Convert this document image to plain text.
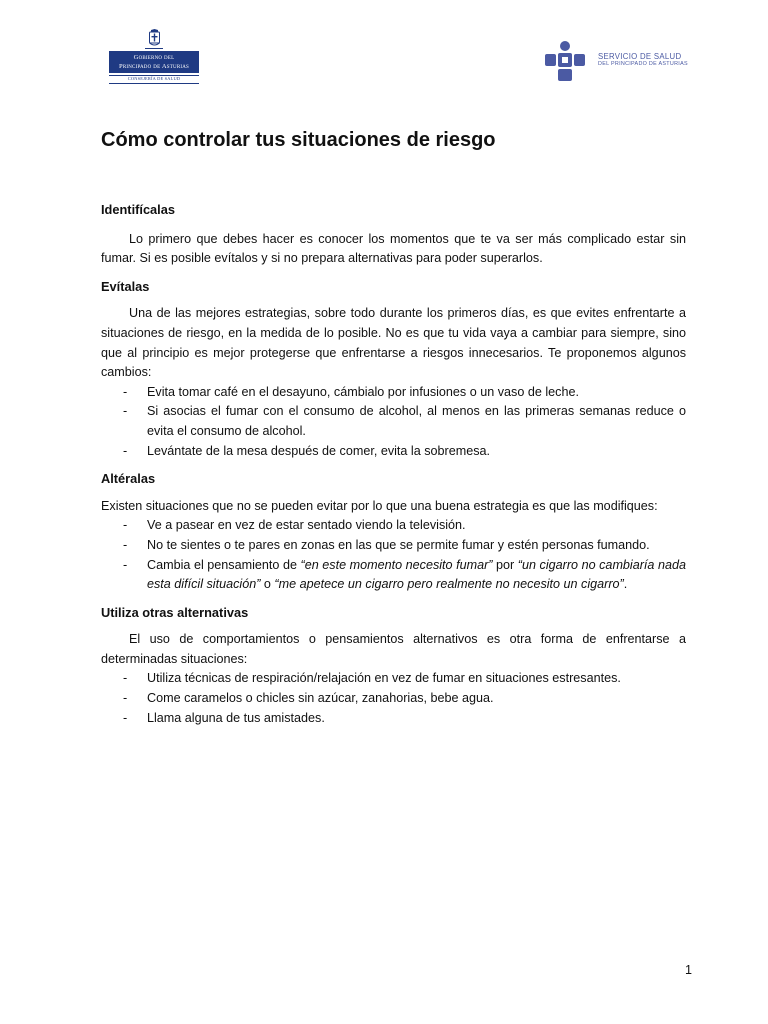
Gobierno del
Principado de Asturias
CONSEJERÍA DE SALUD
SERVICIO DE SALUD
DEL PRINCIPADO DE ASTURIAS
Cómo controlar tus situaciones de riesgo
Identifícalas

Lo primero que debes hacer es conocer los momentos que te va ser más complicado estar sin fumar. Si es posible evítalos y si no prepara alternativas para poder superarlos.

Evítalas

Una de las mejores estrategias, sobre todo durante los primeros días, es que evites enfrentarte a situaciones de riesgo, en la medida de lo posible. No es que tu vida vaya a cambiar para siempre, sino que al principio es mejor protegerse que enfrentarse a riesgos innecesarios. Te proponemos algunos cambios:

- Evita tomar café en el desayuno, cámbialo por infusiones o un vaso de leche.
- Si asocias el fumar con el consumo de alcohol, al menos en las primeras semanas reduce o evita el consumo de alcohol.
- Levántate de la mesa después de comer, evita la sobremesa.
Altéralas

Existen situaciones que no se pueden evitar por lo que una buena estrategia es que las modifiques:

- Ve a pasear en vez de estar sentado viendo la televisión.
- No te sientes o te pares en zonas en las que se permite fumar y estén personas fumando.
- Cambia el pensamiento de “en este momento necesito fumar” por “un cigarro no cambiaría nada esta difícil situación” o “me apetece un cigarro pero realmente no necesito un cigarro”.
Utiliza otras alternativas

El uso de comportamientos o pensamientos alternativos es otra forma de enfrentarse a determinadas situaciones:

- Utiliza técnicas de respiración/relajación en vez de fumar en situaciones estresantes.
- Come caramelos o chicles sin azúcar, zanahorias, bebe agua.
- Llama alguna de tus amistades.
1
